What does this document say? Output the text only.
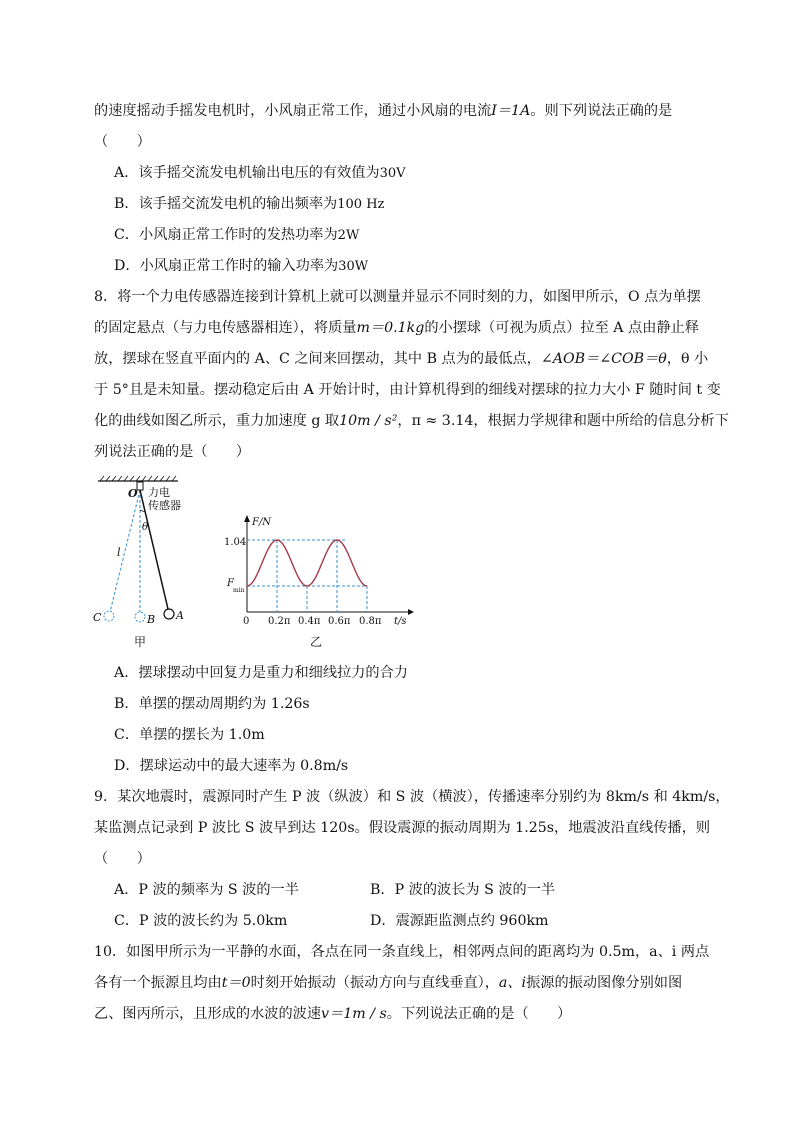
的速度摇动手摇发电机时，小风扇正常工作，通过小风扇的电流I＝1A。则下列说法正确的是
（　　）
A．该手摇交流发电机输出电压的有效值为30V
B．该手摇交流发电机的输出频率为100 Hz
C．小风扇正常工作时的发热功率为2W
D．小风扇正常工作时的输入功率为30W
8．将一个力电传感器连接到计算机上就可以测量并显示不同时刻的力，如图甲所示，O 点为单摆
的固定悬点（与力电传感器相连），将质量m＝0.1kg的小摆球（可视为质点）拉至 A 点由静止释
放，摆球在竖直平面内的 A、C 之间来回摆动，其中 B 点为的最低点，∠AOB＝∠COB＝θ，θ 小
于 5°且是未知量。摆动稳定后由 A 开始计时，由计算机得到的细线对摆球的拉力大小 F 随时间 t 变
化的曲线如图乙所示，重力加速度 g 取10m / s²，π ≈ 3.14，根据力学规律和题中所给的信息分析下
列说法正确的是（　　）
O 力电
传感器
θ
l
C	B A
甲
F/N
1.04
F
min
0 0.2π 0.4π 0.6π 0.8π t/s
乙
A．摆球摆动中回复力是重力和细线拉力的合力
B．单摆的摆动周期约为 1.26s
C．单摆的摆长为 1.0m
D．摆球运动中的最大速率为 0.8m/s
9．某次地震时，震源同时产生 P 波（纵波）和 S 波（横波），传播速率分别约为 8km/s 和 4km/s，
某监测点记录到 P 波比 S 波早到达 120s。假设震源的振动周期为 1.25s，地震波沿直线传播，则
（　　）
A．P 波的频率为 S 波的一半	B．P 波的波长为 S 波的一半
C．P 波的波长约为 5.0km	D．震源距监测点约 960km
10．如图甲所示为一平静的水面，各点在同一条直线上，相邻两点间的距离均为 0.5m，a、i 两点
各有一个振源且均由t＝0时刻开始振动（振动方向与直线垂直），a、i振源的振动图像分别如图
乙、图丙所示，且形成的水波的波速v＝1m / s。下列说法正确的是（　　）
